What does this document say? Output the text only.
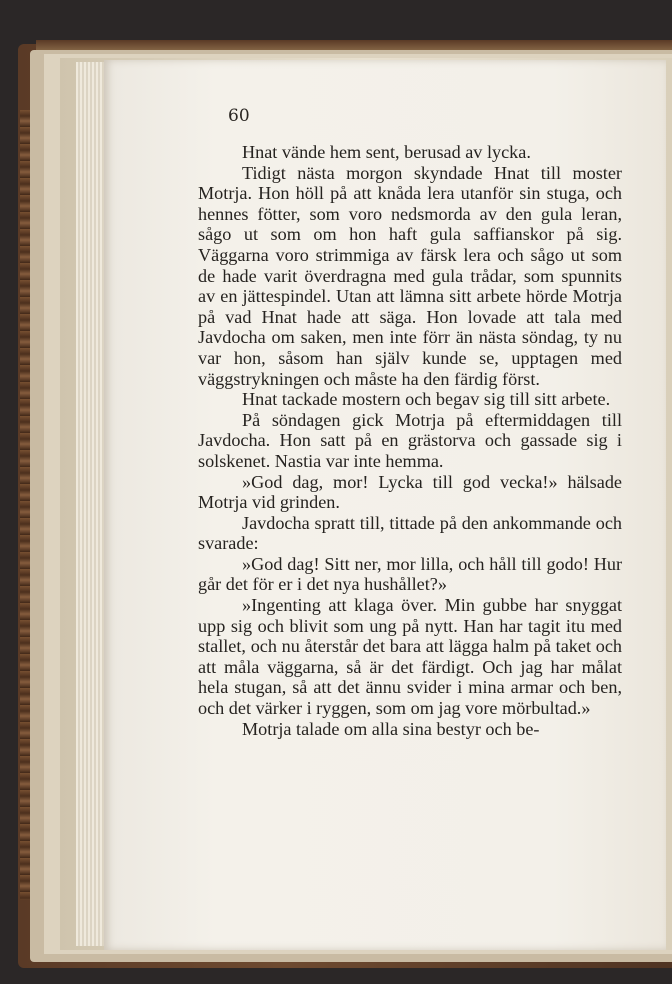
60

Hnat vände hem sent, berusad av lycka.

Tidigt nästa morgon skyndade Hnat till moster Motrja. Hon höll på att knåda lera utanför sin stuga, och hennes fötter, som voro nedsmorda av den gula leran, sågo ut som om hon haft gula saffianskor på sig. Väggarna voro strimmiga av färsk lera och sågo ut som de hade varit överdragna med gula trådar, som spunnits av en jättespindel. Utan att lämna sitt arbete hörde Motrja på vad Hnat hade att säga. Hon lovade att tala med Javdocha om saken, men inte förr än nästa söndag, ty nu var hon, såsom han själv kunde se, upptagen med väggstrykningen och måste ha den färdig först.

Hnat tackade mostern och begav sig till sitt arbete.

På söndagen gick Motrja på eftermiddagen till Javdocha. Hon satt på en grästorva och gassade sig i solskenet. Nastia var inte hemma.

»God dag, mor! Lycka till god vecka!» hälsade Motrja vid grinden.

Javdocha spratt till, tittade på den ankommande och svarade:

»God dag! Sitt ner, mor lilla, och håll till godo! Hur går det för er i det nya hushållet?»

»Ingenting att klaga över. Min gubbe har snyggat upp sig och blivit som ung på nytt. Han har tagit itu med stallet, och nu återstår det bara att lägga halm på taket och att måla väggarna, så är det färdigt. Och jag har målat hela stugan, så att det ännu svider i mina armar och ben, och det värker i ryggen, som om jag vore mörbultad.»

Motrja talade om alla sina bestyr och be-
